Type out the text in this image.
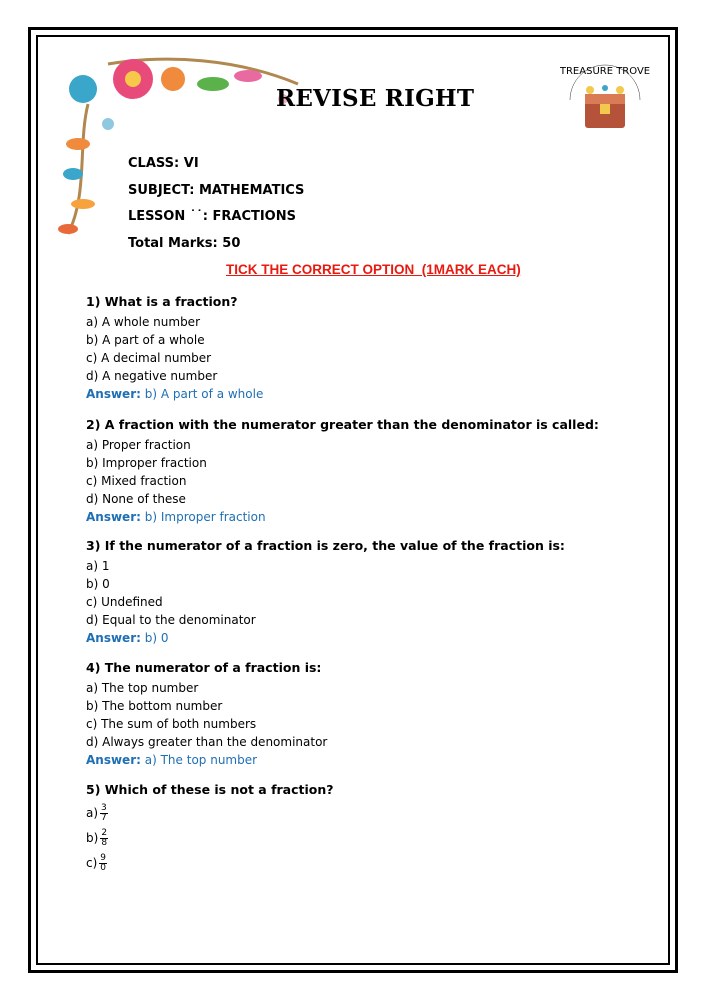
TREASURE TROVE
REVISE RIGHT
CLASS: VI
SUBJECT: MATHEMATICS
LESSON ˙˙: FRACTIONS
Total Marks: 50
TICK THE CORRECT OPTION  (1MARK EACH)
1) What is a fraction?
a) A whole number
b) A part of a whole
c) A decimal number
d) A negative number
Answer: b) A part of a whole
2) A fraction with the numerator greater than the denominator is called:
a) Proper fraction
b) Improper fraction
c) Mixed fraction
d) None of these
Answer: b) Improper fraction
3) If the numerator of a fraction is zero, the value of the fraction is:
a) 1
b) 0
c) Undefined
d) Equal to the denominator
Answer: b) 0
4) The numerator of a fraction is:
a) The top number
b) The bottom number
c) The sum of both numbers
d) Always greater than the denominator
Answer: a) The top number
5) Which of these is not a fraction?
$a) \frac{3}{7}$
$b) \frac{2}{8}$
$c) \frac{9}{0}$
